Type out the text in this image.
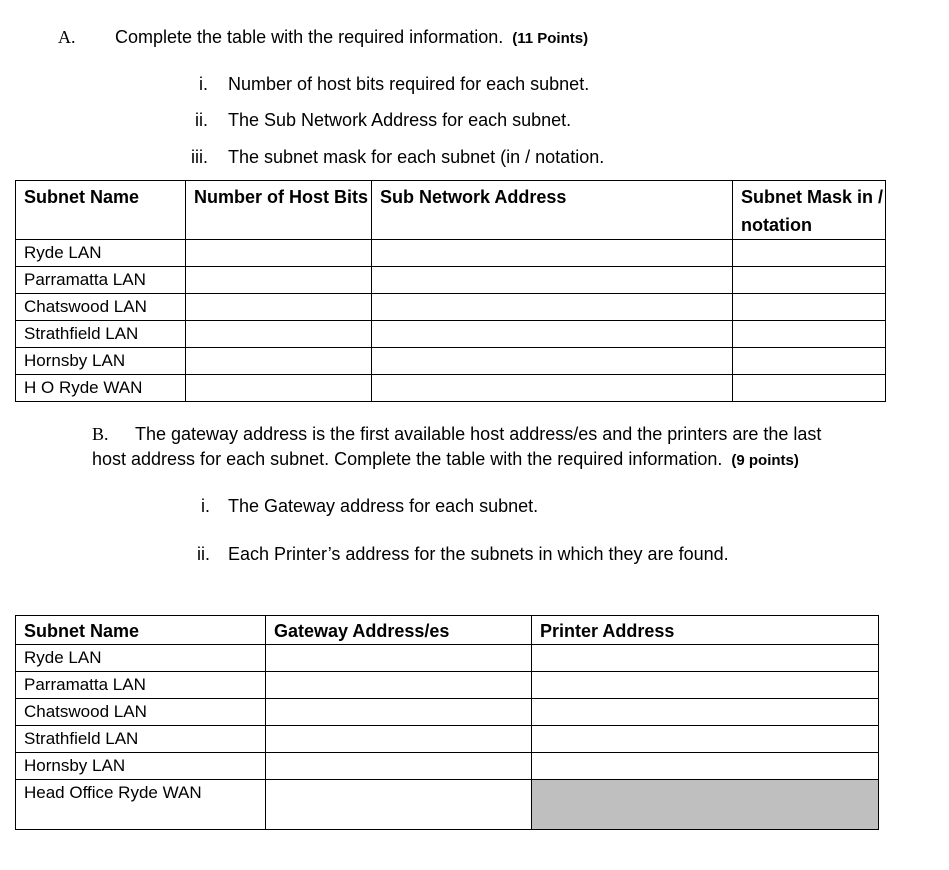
A. Complete the table with the required information. (11 Points)
i. Number of host bits required for each subnet.
ii. The Sub Network Address for each subnet.
iii. The subnet mask for each subnet (in / notation.
Subnet Name	Number of Host Bits	Sub Network Address	Subnet Mask in / notation
Ryde LAN			
Parramatta LAN			
Chatswood LAN			
Strathfield LAN			
Hornsby LAN			
H O Ryde WAN			
B. The gateway address is the first available host address/es and the printers are the last
host address for each subnet. Complete the table with the required information. (9 points)
i. The Gateway address for each subnet.
ii. Each Printer’s address for the subnets in which they are found.
Subnet Name	Gateway Address/es	Printer Address
Ryde LAN		
Parramatta LAN		
Chatswood LAN		
Strathfield LAN		
Hornsby LAN		
Head Office Ryde WAN		
